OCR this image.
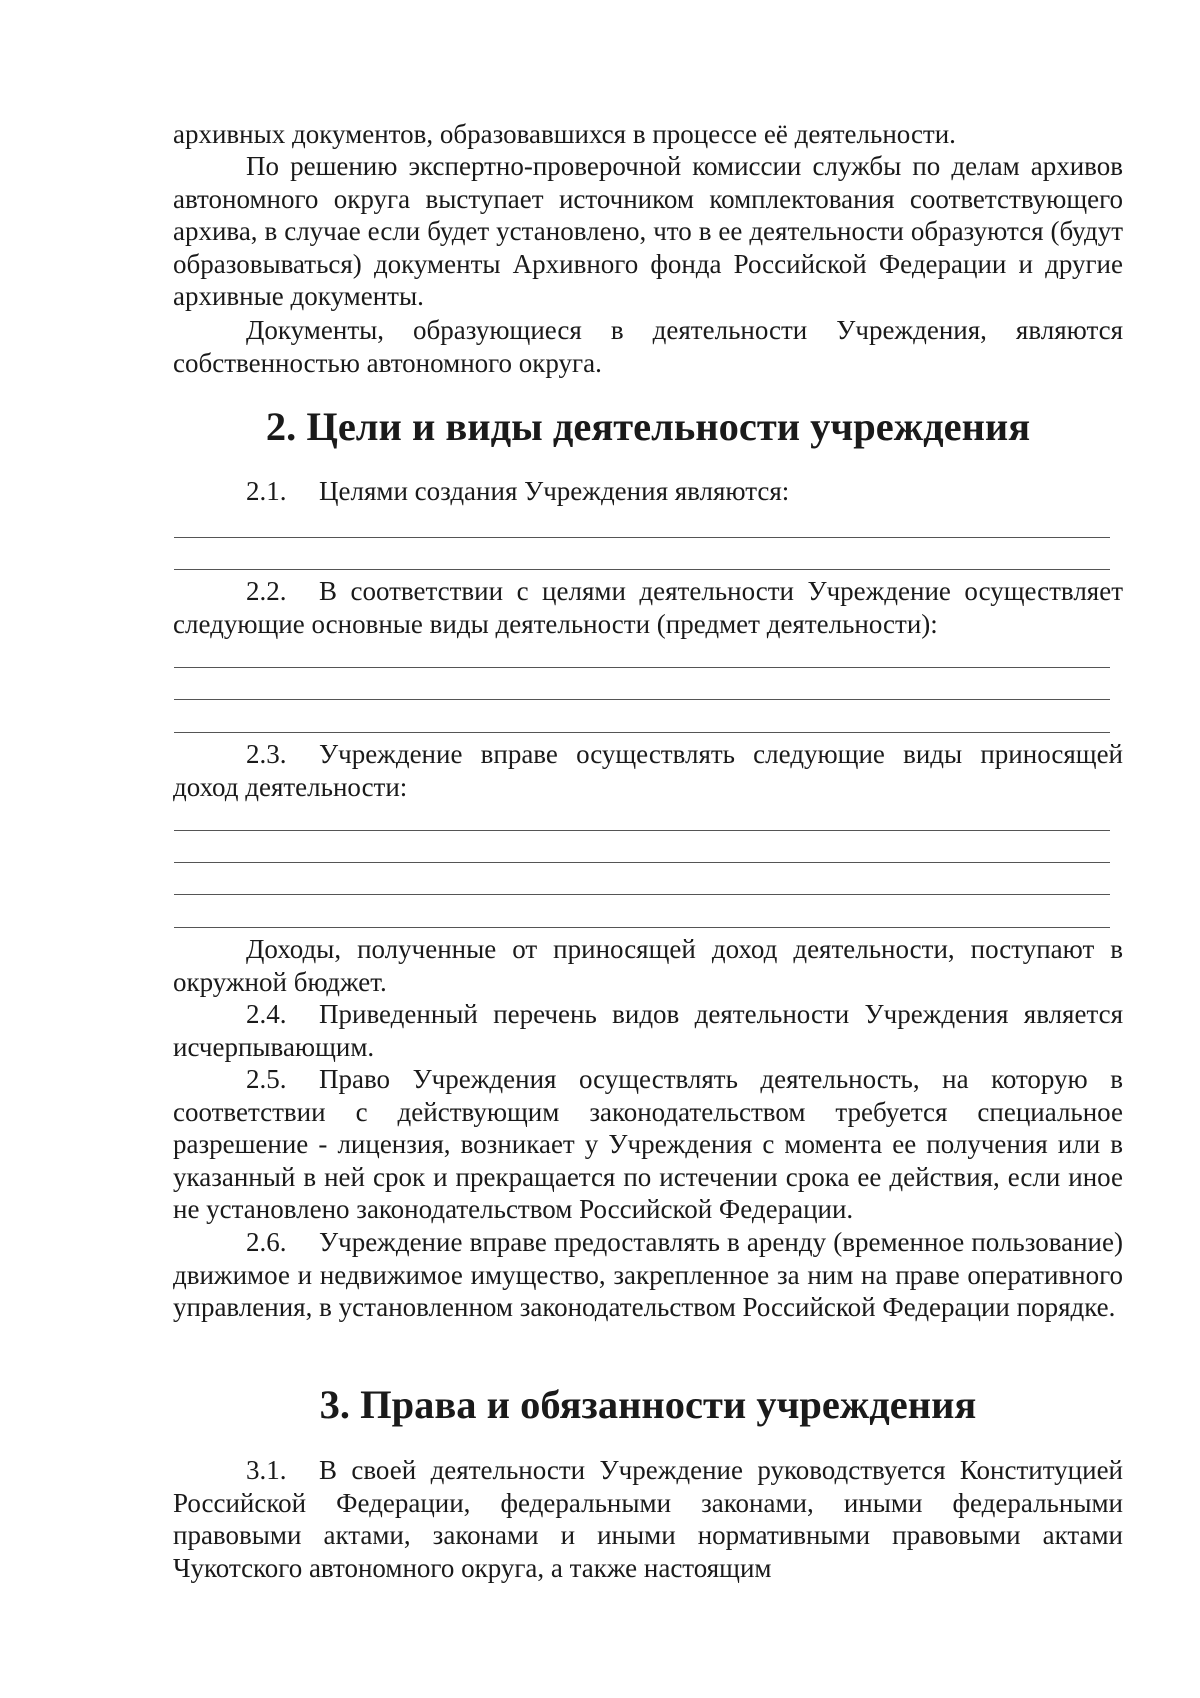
архивных документов, образовавшихся в процессе её деятельности.

По решению экспертно-проверочной комиссии службы по делам архивов автономного округа выступает источником комплектования соответствующего архива, в случае если будет установлено, что в ее деятельности образуются (будут образовываться) документы Архивного фонда Российской Федерации и другие архивные документы.

Документы, образующиеся в деятельности Учреждения, являются собственностью автономного округа.

2. Цели и виды деятельности учреждения

2.1. Целями создания Учреждения являются:

2.2. В соответствии с целями деятельности Учреждение осуществляет следующие основные виды деятельности (предмет деятельности):

2.3. Учреждение вправе осуществлять следующие виды приносящей доход деятельности:

Доходы, полученные от приносящей доход деятельности, поступают в окружной бюджет.

2.4. Приведенный перечень видов деятельности Учреждения является исчерпывающим.

2.5. Право Учреждения осуществлять деятельность, на которую в соответствии с действующим законодательством требуется специальное разрешение - лицензия, возникает у Учреждения с момента ее получения или в указанный в ней срок и прекращается по истечении срока ее действия, если иное не установлено законодательством Российской Федерации.

2.6. Учреждение вправе предоставлять в аренду (временное пользование) движимое и недвижимое имущество, закрепленное за ним на праве оперативного управления, в установленном законодательством Российской Федерации порядке.

3. Права и обязанности учреждения

3.1. В своей деятельности Учреждение руководствуется Конституцией Российской Федерации, федеральными законами, иными федеральными правовыми актами, законами и иными нормативными правовыми актами Чукотского автономного округа, а также настоящим
